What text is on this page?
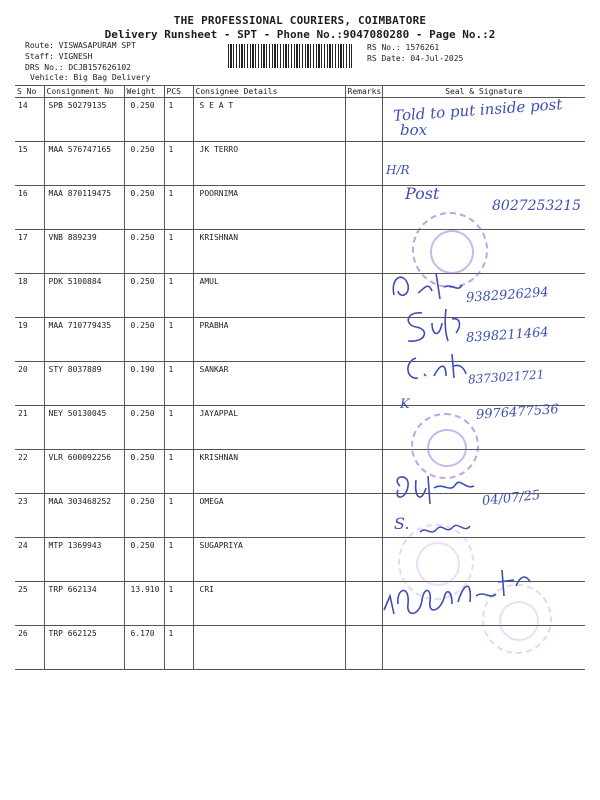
THE PROFESSIONAL COURIERS, COIMBATORE
Delivery Runsheet - SPT - Phone No.:9047080280 - Page No.:2
Route: VISWASAPURAM SPT
Staff: VIGNESH
DRS No.: DCJB157626102
Vehicle: Big Bag Delivery
RS No.: 1576261
RS Date: 04-Jul-2025
S No	Consignment No	Weight	PCS	Consignee Details	Remarks	Seal & Signature
14	SPB 50279135	0.250	1	S E A T		
15	MAA 576747165	0.250	1	JK TERRO		
16	MAA 870119475	0.250	1	POORNIMA		
17	VNB 889239	0.250	1	KRISHNAN		
18	PDK 5100884	0.250	1	AMUL		
19	MAA 710779435	0.250	1	PRABHA		
20	STY 8037889	0.190	1	SANKAR		
21	NEY 50130045	0.250	1	JAYAPPAL		
22	VLR 600092256	0.250	1	KRISHNAN		
23	MAA 303468252	0.250	1	OMEGA		
24	MTP 1369943	0.250	1	SUGAPRIYA		
25	TRP 662134	13.910	1	CRI		
26	TRP 662125	6.170	1			
Told to put inside post
box
H/R
Post
8027253215
9382926294
8398211464
8373021721
K	9976477536
04/07/25
S.
